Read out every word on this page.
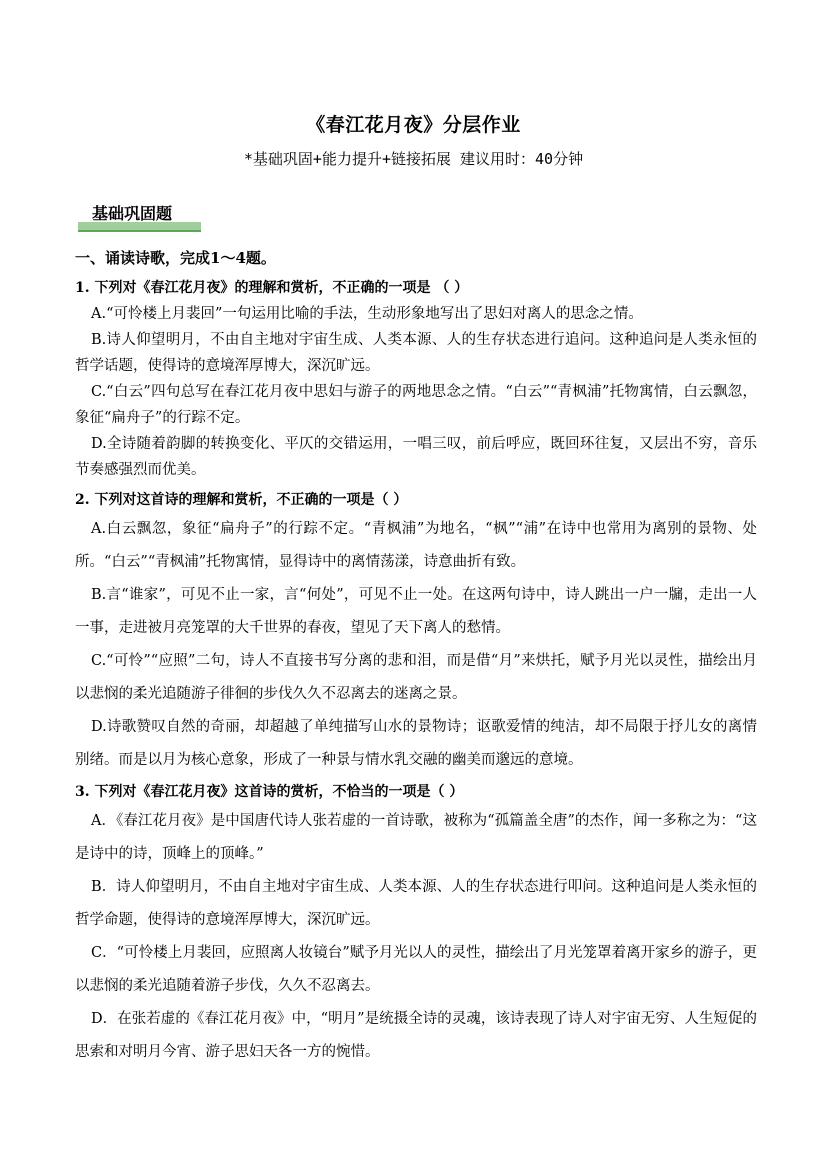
《春江花月夜》分层作业
*基础巩固+能力提升+链接拓展 建议用时：40分钟
基础巩固题
一、诵读诗歌，完成1～4题。
1. 下列对《春江花月夜》的理解和赏析，不正确的一项是 （ ）
A.“可怜楼上月裴回”一句运用比喻的手法，生动形象地写出了思妇对离人的思念之情。
B.诗人仰望明月，不由自主地对宇宙生成、人类本源、人的生存状态进行追问。这种追问是人类永恒的哲学话题，使得诗的意境浑厚博大，深沉旷远。
C.“白云”四句总写在春江花月夜中思妇与游子的两地思念之情。“白云”“青枫浦”托物寓情，白云飘忽，象征“扁舟子”的行踪不定。
D.全诗随着韵脚的转换变化、平仄的交错运用，一唱三叹，前后呼应，既回环往复，又层出不穷，音乐节奏感强烈而优美。
2. 下列对这首诗的理解和赏析，不正确的一项是（ ）
A.白云飘忽，象征“扁舟子”的行踪不定。“青枫浦”为地名，“枫”“浦”在诗中也常用为离别的景物、处所。“白云”“青枫浦”托物寓情，显得诗中的离情荡漾，诗意曲折有致。
B.言“谁家”，可见不止一家，言“何处”，可见不止一处。在这两句诗中，诗人跳出一户一牖，走出一人一事，走进被月亮笼罩的大千世界的春夜，望见了天下离人的愁情。
C.“可怜”“应照”二句，诗人不直接书写分离的悲和泪，而是借“月”来烘托，赋予月光以灵性，描绘出月以悲悯的柔光追随游子徘徊的步伐久久不忍离去的迷离之景。
D.诗歌赞叹自然的奇丽，却超越了单纯描写山水的景物诗；讴歌爱情的纯洁，却不局限于抒儿女的离情别绪。而是以月为核心意象，形成了一种景与情水乳交融的幽美而邈远的意境。
3. 下列对《春江花月夜》这首诗的赏析，不恰当的一项是（ ）
A．《春江花月夜》是中国唐代诗人张若虚的一首诗歌，被称为“孤篇盖全唐”的杰作，闻一多称之为：“这是诗中的诗，顶峰上的顶峰。”
B．诗人仰望明月，不由自主地对宇宙生成、人类本源、人的生存状态进行叩问。这种追问是人类永恒的哲学命题，使得诗的意境浑厚博大，深沉旷远。
C．“可怜楼上月裴回，应照离人妆镜台”赋予月光以人的灵性，描绘出了月光笼罩着离开家乡的游子，更以悲悯的柔光追随着游子步伐，久久不忍离去。
D．在张若虚的《春江花月夜》中，“明月”是统摄全诗的灵魂，该诗表现了诗人对宇宙无穷、人生短促的思索和对明月今宵、游子思妇天各一方的惋惜。
